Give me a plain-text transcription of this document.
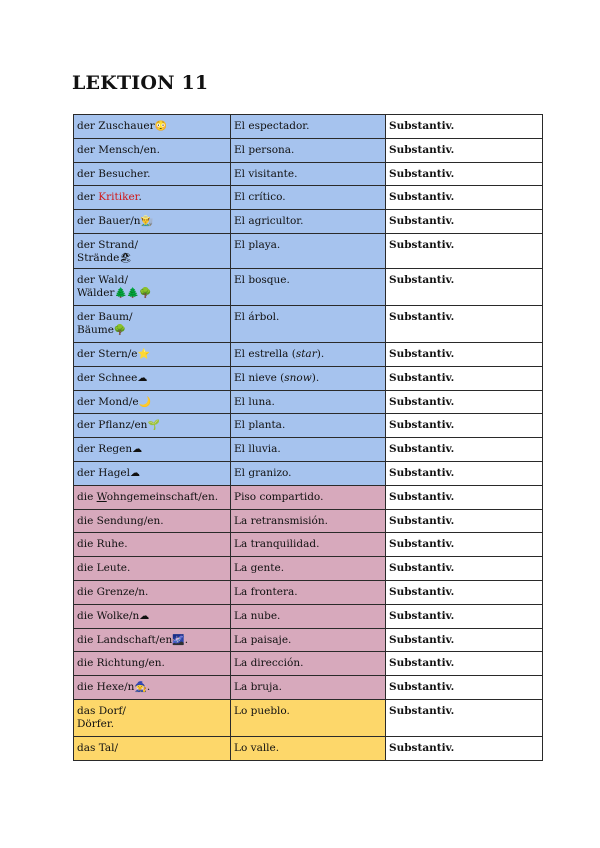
LEKTION 11
der Zuschauer😳	El espectador.	Substantiv.
der Mensch/en.	El persona.	Substantiv.
der Besucher.	El visitante.	Substantiv.
der Kritiker.	El crítico.	Substantiv.
der Bauer/n👨‍🌾	El agricultor.	Substantiv.
der Strand/
Strände🏖	El playa.	Substantiv.
der Wald/
Wälder🌲🌲🌳	El bosque.	Substantiv.
der Baum/
Bäume🌳	El árbol.	Substantiv.
der Stern/e⭐	El estrella (star).	Substantiv.
der Schnee☁	El nieve (snow).	Substantiv.
der Mond/e🌙	El luna.	Substantiv.
der Pflanz/en🌱	El planta.	Substantiv.
der Regen☁	El lluvia.	Substantiv.
der Hagel☁	El granizo.	Substantiv.
die Wohngemeinschaft/en.	Piso compartido.	Substantiv.
die Sendung/en.	La retransmisión.	Substantiv.
die Ruhe.	La tranquilidad.	Substantiv.
die Leute.	La gente.	Substantiv.
die Grenze/n.	La frontera.	Substantiv.
die Wolke/n☁	La nube.	Substantiv.
die Landschaft/en🌌.	La paisaje.	Substantiv.
die Richtung/en.	La dirección.	Substantiv.
die Hexe/n🧙.	La bruja.	Substantiv.
das Dorf/
Dörfer.	Lo pueblo.	Substantiv.
das Tal/	Lo valle.	Substantiv.
